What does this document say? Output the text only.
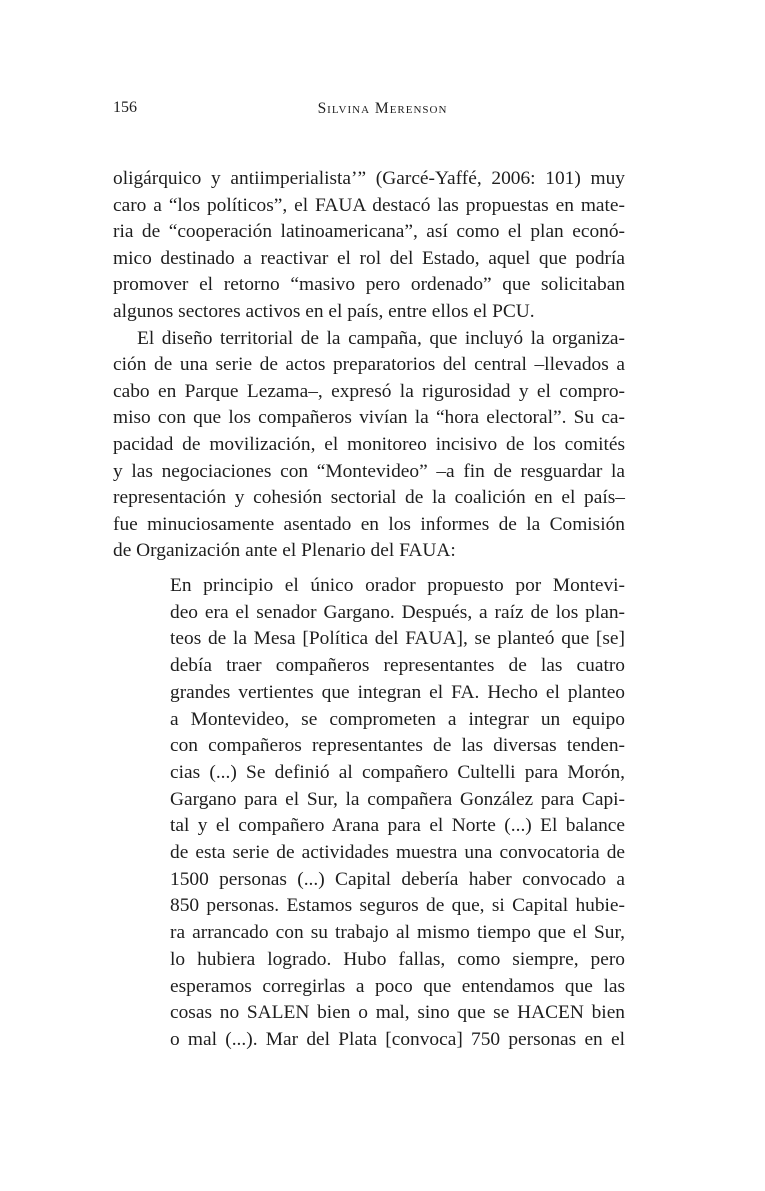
156	Silvina Merenson

oligárquico y antiimperialista’” (Garcé-Yaffé, 2006: 101) muy
caro a “los políticos”, el FAUA destacó las propuestas en mate-
ria de “cooperación latinoamericana”, así como el plan econó-
mico destinado a reactivar el rol del Estado, aquel que podría
promover el retorno “masivo pero ordenado” que solicitaban
algunos sectores activos en el país, entre ellos el PCU.

El diseño territorial de la campaña, que incluyó la organiza-
ción de una serie de actos preparatorios del central –llevados a
cabo en Parque Lezama–, expresó la rigurosidad y el compro-
miso con que los compañeros vivían la “hora electoral”. Su ca-
pacidad de movilización, el monitoreo incisivo de los comités
y las negociaciones con “Montevideo” –a fin de resguardar la
representación y cohesión sectorial de la coalición en el país–
fue minuciosamente asentado en los informes de la Comisión
de Organización ante el Plenario del FAUA:

En principio el único orador propuesto por Montevi-
deo era el senador Gargano. Después, a raíz de los plan-
teos de la Mesa [Política del FAUA], se planteó que [se]
debía traer compañeros representantes de las cuatro
grandes vertientes que integran el FA. Hecho el planteo
a Montevideo, se comprometen a integrar un equipo
con compañeros representantes de las diversas tenden-
cias (...) Se definió al compañero Cultelli para Morón,
Gargano para el Sur, la compañera González para Capi-
tal y el compañero Arana para el Norte (...) El balance
de esta serie de actividades muestra una convocatoria de
1500 personas (...) Capital debería haber convocado a
850 personas. Estamos seguros de que, si Capital hubie-
ra arrancado con su trabajo al mismo tiempo que el Sur,
lo hubiera logrado. Hubo fallas, como siempre, pero
esperamos corregirlas a poco que entendamos que las
cosas no SALEN bien o mal, sino que se HACEN bien
o mal (...). Mar del Plata [convoca] 750 personas en el
